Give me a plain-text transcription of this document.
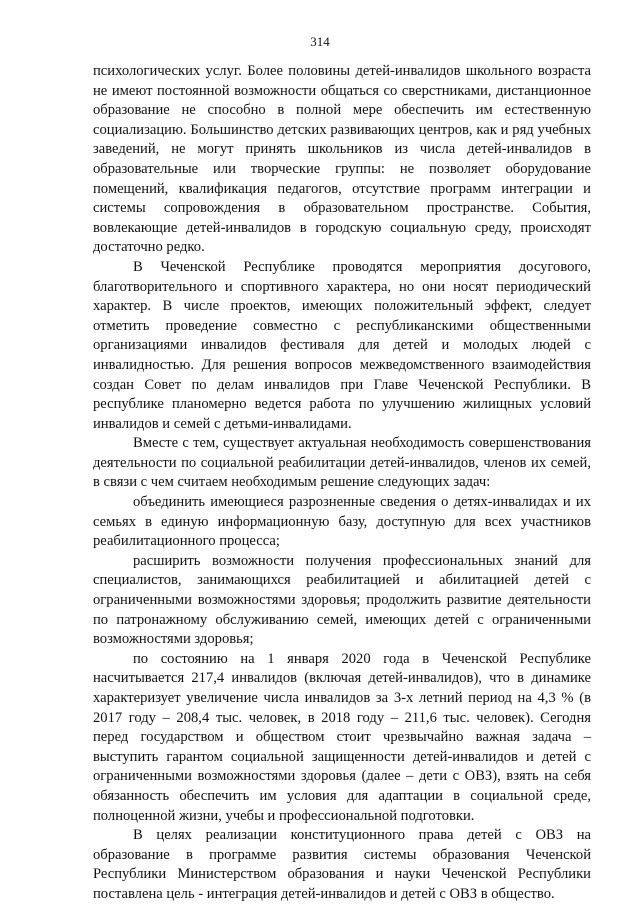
314

психологических услуг. Более половины детей-инвалидов школьного возраста не имеют постоянной возможности общаться со сверстниками, дистанционное образование не способно в полной мере обеспечить им естественную социализацию. Большинство детских развивающих центров, как и ряд учебных заведений, не могут принять школьников из числа детей-инвалидов в образовательные или творческие группы: не позволяет оборудование помещений, квалификация педагогов, отсутствие программ интеграции и системы сопровождения в образовательном пространстве. События, вовлекающие детей-инвалидов в городскую социальную среду, происходят достаточно редко.

В Чеченской Республике проводятся мероприятия досугового, благотворительного и спортивного характера, но они носят периодический характер. В числе проектов, имеющих положительный эффект, следует отметить проведение совместно с республиканскими общественными организациями инвалидов фестиваля для детей и молодых людей с инвалидностью. Для решения вопросов межведомственного взаимодействия создан Совет по делам инвалидов при Главе Чеченской Республики. В республике планомерно ведется работа по улучшению жилищных условий инвалидов и семей с детьми-инвалидами.

Вместе с тем, существует актуальная необходимость совершенствования деятельности по социальной реабилитации детей-инвалидов, членов их семей, в связи с чем считаем необходимым решение следующих задач:

объединить имеющиеся разрозненные сведения о детях-инвалидах и их семьях в единую информационную базу, доступную для всех участников реабилитационного процесса;

расширить возможности получения профессиональных знаний для специалистов, занимающихся реабилитацией и абилитацией детей с ограниченными возможностями здоровья; продолжить развитие деятельности по патронажному обслуживанию семей, имеющих детей с ограниченными возможностями здоровья;

по состоянию на 1 января 2020 года в Чеченской Республике насчитывается 217,4 инвалидов (включая детей-инвалидов), что в динамике характеризует увеличение числа инвалидов за 3-х летний период на 4,3 % (в 2017 году – 208,4 тыс. человек, в 2018 году – 211,6 тыс. человек). Сегодня перед государством и обществом стоит чрезвычайно важная задача – выступить гарантом социальной защищенности детей-инвалидов и детей с ограниченными возможностями здоровья (далее – дети с ОВЗ), взять на себя обязанность обеспечить им условия для адаптации в социальной среде, полноценной жизни, учебы и профессиональной подготовки.

В целях реализации конституционного права детей с ОВЗ на образование в программе развития системы образования Чеченской Республики Министерством образования и науки Чеченской Республики поставлена цель - интеграция детей-инвалидов и детей с ОВЗ в общество.
